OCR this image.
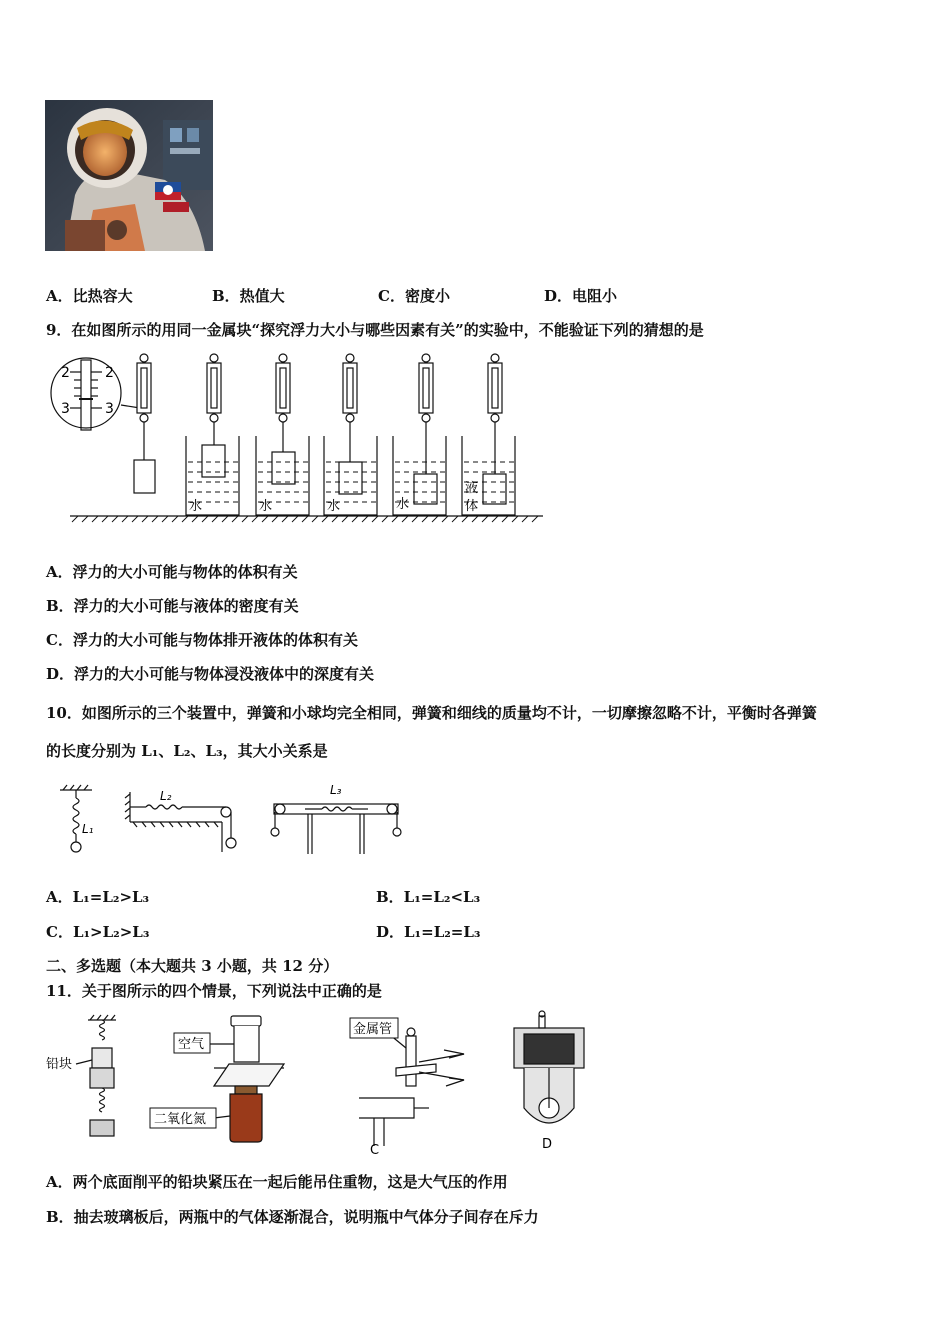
A．比热容大	B．热值大	C．密度小	D．电阻小
9．在如图所示的用同一金属块“探究浮力大小与哪些因素有关”的实验中，不能验证下列的猜想的是
2	2
3	3
水	水	水	水
液
体
A．浮力的大小可能与物体的体积有关
B．浮力的大小可能与液体的密度有关
C．浮力的大小可能与物体排开液体的体积有关
D．浮力的大小可能与物体浸没液体中的深度有关
10．如图所示的三个装置中，弹簧和小球均完全相同，弹簧和细线的质量均不计，一切摩擦忽略不计，平衡时各弹簧
的长度分别为 L₁、L₂、L₃，其大小关系是
L₁
L₂	L₃
A．L₁=L₂>L₃	B．L₁=L₂<L₃
C．L₁>L₂>L₃	D．L₁=L₂=L₃
二、多选题（本大题共 3 小题，共 12 分）
11．关于图所示的四个情景，下列说法中正确的是
铅块
空气
二氧化氮
金属管
C	D
A．两个底面削平的铅块紧压在一起后能吊住重物，这是大气压的作用
B．抽去玻璃板后，两瓶中的气体逐渐混合，说明瓶中气体分子间存在斥力
